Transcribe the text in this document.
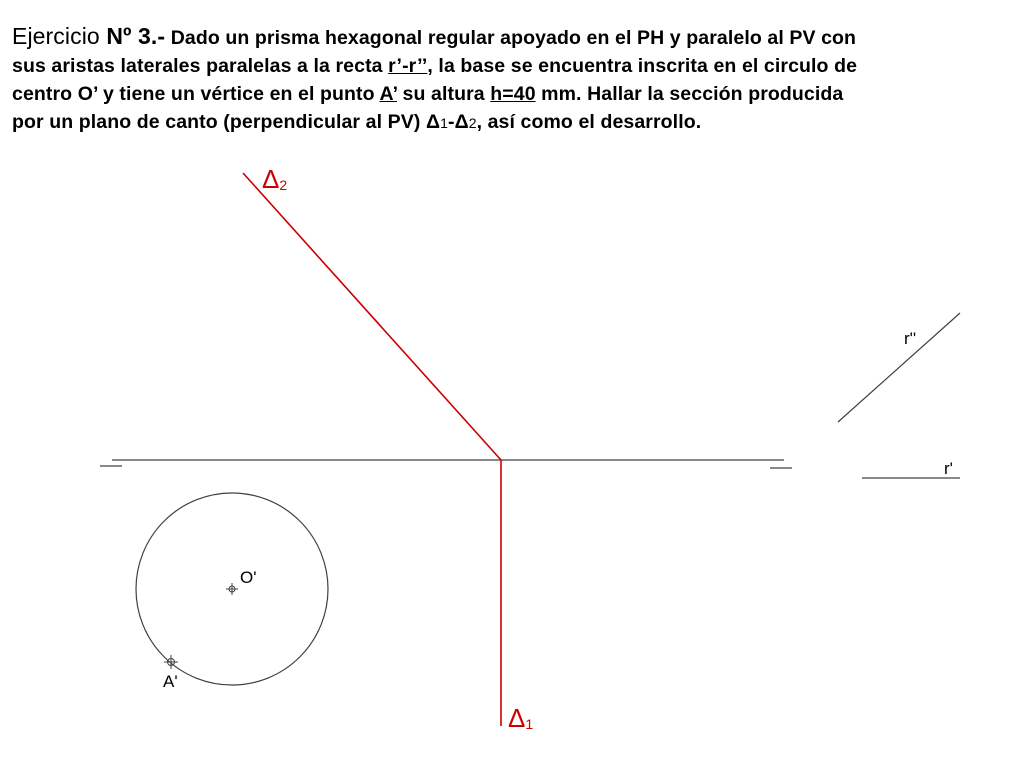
Ejercicio Nº 3.- Dado un prisma hexagonal regular apoyado en el PH y paralelo al PV con
sus aristas laterales paralelas a la recta r’-r’’, la base se encuentra inscrita en el circulo de
centro O’ y tiene un vértice en el punto A’ su altura h=40 mm. Hallar la sección producida
por un plano de canto (perpendicular al PV) Δ1-Δ2, así como el desarrollo.
Δ2
Δ1
r''
r'
O'
A'
